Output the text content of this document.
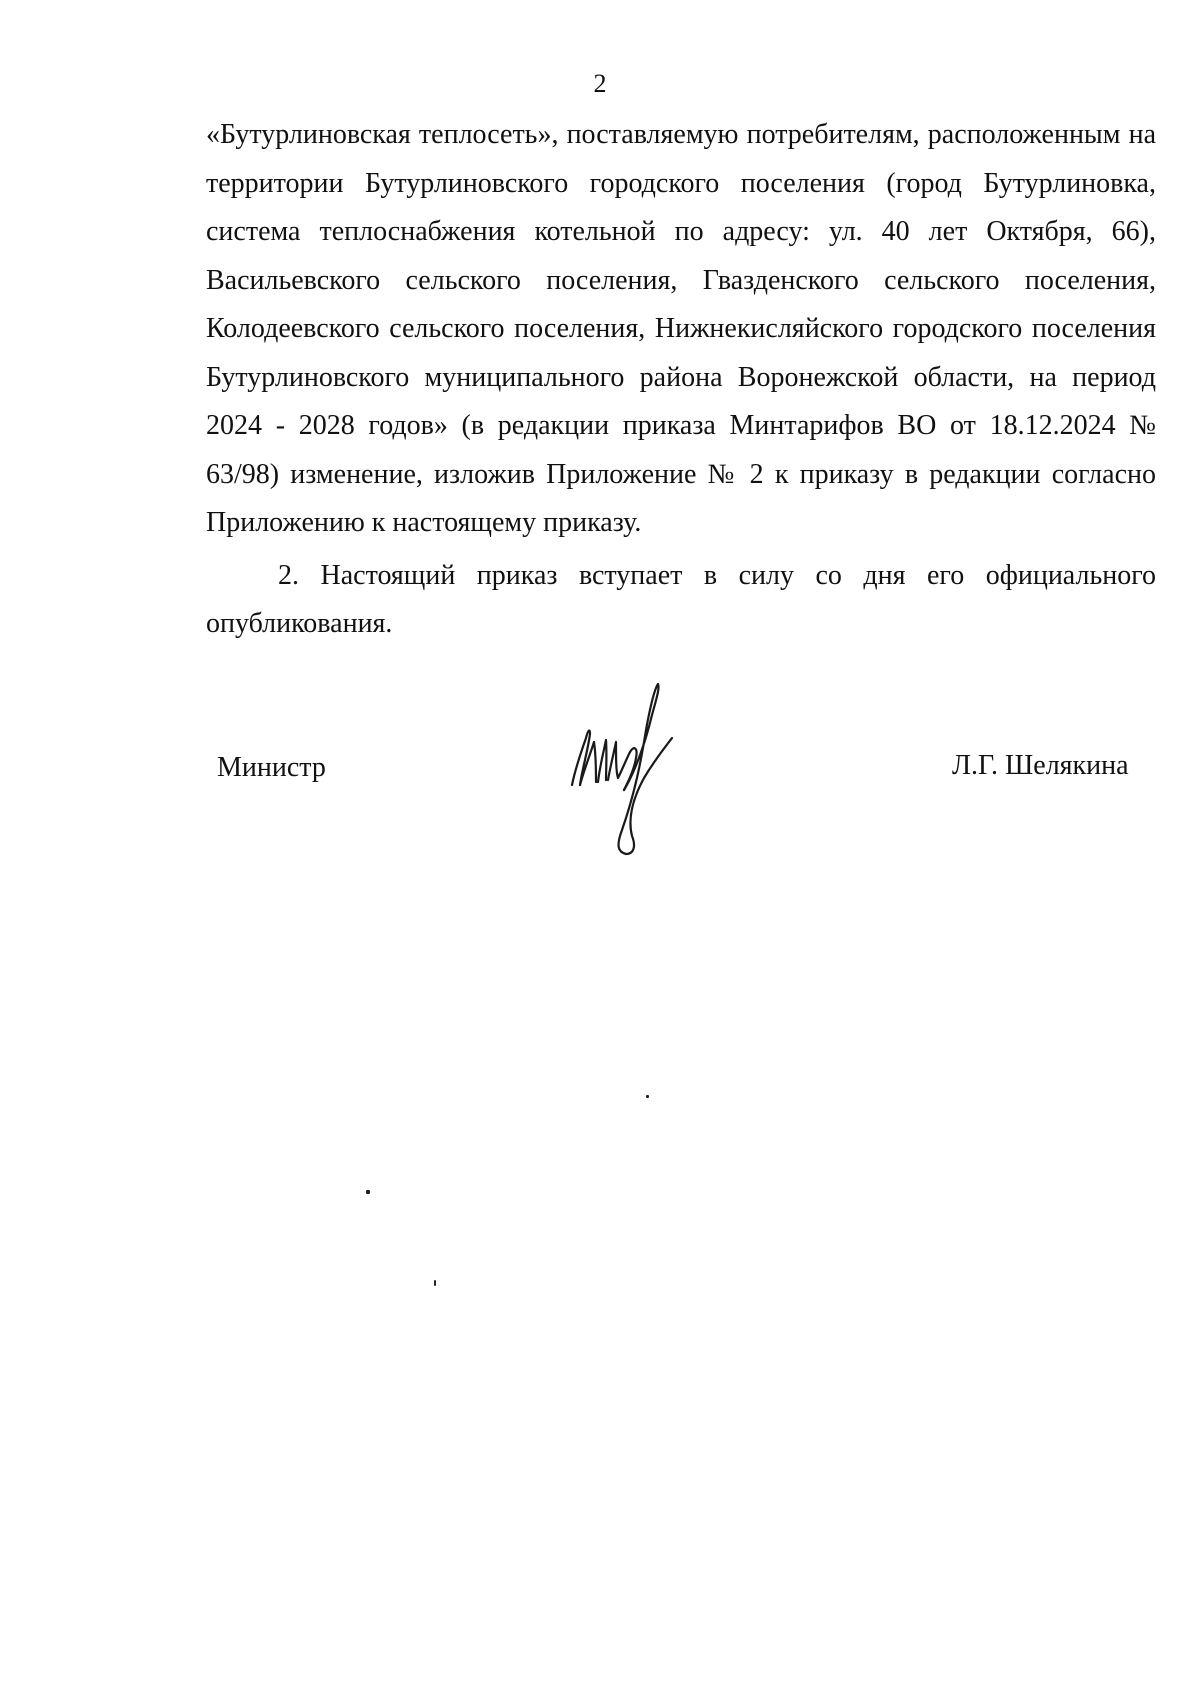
2

«Бутурлиновская теплосеть», поставляемую потребителям, расположенным на территории Бутурлиновского городского поселения (город Бутурлиновка, система теплоснабжения котельной по адресу: ул. 40 лет Октября, 66), Васильевского сельского поселения, Гвазденского сельского поселения, Колодеевского сельского поселения, Нижнекисляйского городского поселения Бутурлиновского муниципального района Воронежской области, на период 2024 - 2028 годов» (в редакции приказа Минтарифов ВО от 18.12.2024 № 63/98) изменение, изложив Приложение № 2 к приказу в редакции согласно Приложению к настоящему приказу.

2. Настоящий приказ вступает в силу со дня его официального опубликования.

Министр	Л.Г. Шелякина
